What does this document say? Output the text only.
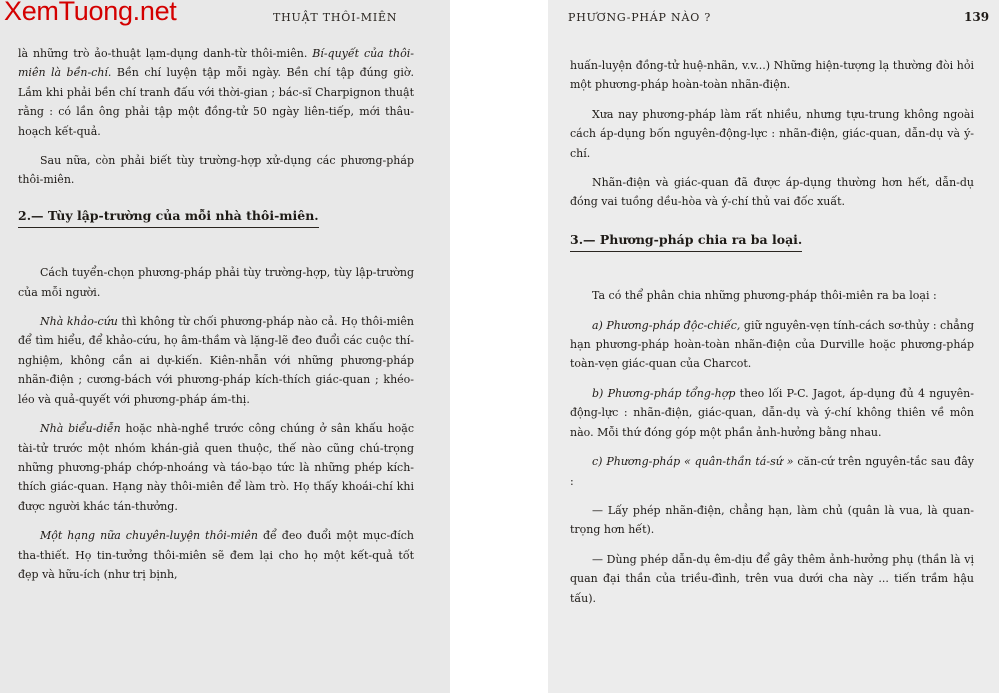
XemTuong.net	THUẬT THÔI-MIÊN

là những trò ảo-thuật lạm-dụng danh-từ thôi-miên. Bí-quyết của thôi-miên là bền-chí. Bền chí luyện tập mỗi ngày. Bền chí tập đúng giờ. Lắm khi phải bền chí tranh đấu với thời-gian ; bác-sĩ Charpignon thuật rằng : có lần ông phải tập một đồng-tử 50 ngày liên-tiếp, mới thâu-hoạch kết-quả.

Sau nữa, còn phải biết tùy trường-hợp xử-dụng các phương-pháp thôi-miên.

2.— Tùy lập-trường của mỗi nhà thôi-miên.

Cách tuyển-chọn phương-pháp phải tùy trường-hợp, tùy lập-trường của mỗi người.

Nhà khảo-cứu thì không từ chối phương-pháp nào cả. Họ thôi-miên để tìm hiểu, để khảo-cứu, họ âm-thầm và lặng-lẽ đeo đuổi các cuộc thí-nghiệm, không cần ai dự-kiến. Kiên-nhẫn với những phương-pháp nhãn-điện ; cương-bách với phương-pháp kích-thích giác-quan ; khéo-léo và quả-quyết với phương-pháp ám-thị.

Nhà biểu-diễn hoặc nhà-nghề trước công chúng ở sân khấu hoặc tài-tử trước một nhóm khán-giả quen thuộc, thế nào cũng chú-trọng những phương-pháp chớp-nhoáng và táo-bạo tức là những phép kích-thích giác-quan. Hạng này thôi-miên để làm trò. Họ thấy khoái-chí khi được người khác tán-thưởng.

Một hạng nữa chuyên-luyện thôi-miên để đeo đuổi một mục-đích tha-thiết. Họ tin-tưởng thôi-miên sẽ đem lại cho họ một kết-quả tốt đẹp và hữu-ích (như trị bịnh,

PHƯƠNG-PHÁP NÀO ?	139

huấn-luyện đồng-tử huệ-nhãn, v.v...) Những hiện-tượng lạ thường đòi hỏi một phương-pháp hoàn-toàn nhãn-điện.

Xưa nay phương-pháp làm rất nhiều, nhưng tựu-trung không ngoài cách áp-dụng bốn nguyên-động-lực : nhãn-điện, giác-quan, dẫn-dụ và ý-chí.

Nhãn-điện và giác-quan đã được áp-dụng thường hơn hết, dẫn-dụ đóng vai tuồng dều-hòa và ý-chí thủ vai đốc xuất.

3.— Phương-pháp chia ra ba loại.

Ta có thể phân chia những phương-pháp thôi-miên ra ba loại :

a) Phương-pháp độc-chiếc, giữ nguyên-vẹn tính-cách sơ-thủy : chẳng hạn phương-pháp hoàn-toàn nhãn-điện của Durville hoặc phương-pháp toàn-vẹn giác-quan của Charcot.

b) Phương-pháp tổng-hợp theo lối P-C. Jagot, áp-dụng đủ 4 nguyên-động-lực : nhãn-điện, giác-quan, dẫn-dụ và ý-chí không thiên về môn nào. Mỗi thứ đóng góp một phần ảnh-hưởng bằng nhau.

c) Phương-pháp « quân-thần tá-sứ » căn-cứ trên nguyên-tắc sau đây :

— Lấy phép nhãn-điện, chẳng hạn, làm chủ (quân là vua, là quan-trọng hơn hết).

— Dùng phép dẫn-dụ êm-dịu để gây thêm ảnh-hưởng phụ (thần là vị quan đại thần của triều-đình, trên vua dưới cha này ... tiến trầm hậu tấu).
